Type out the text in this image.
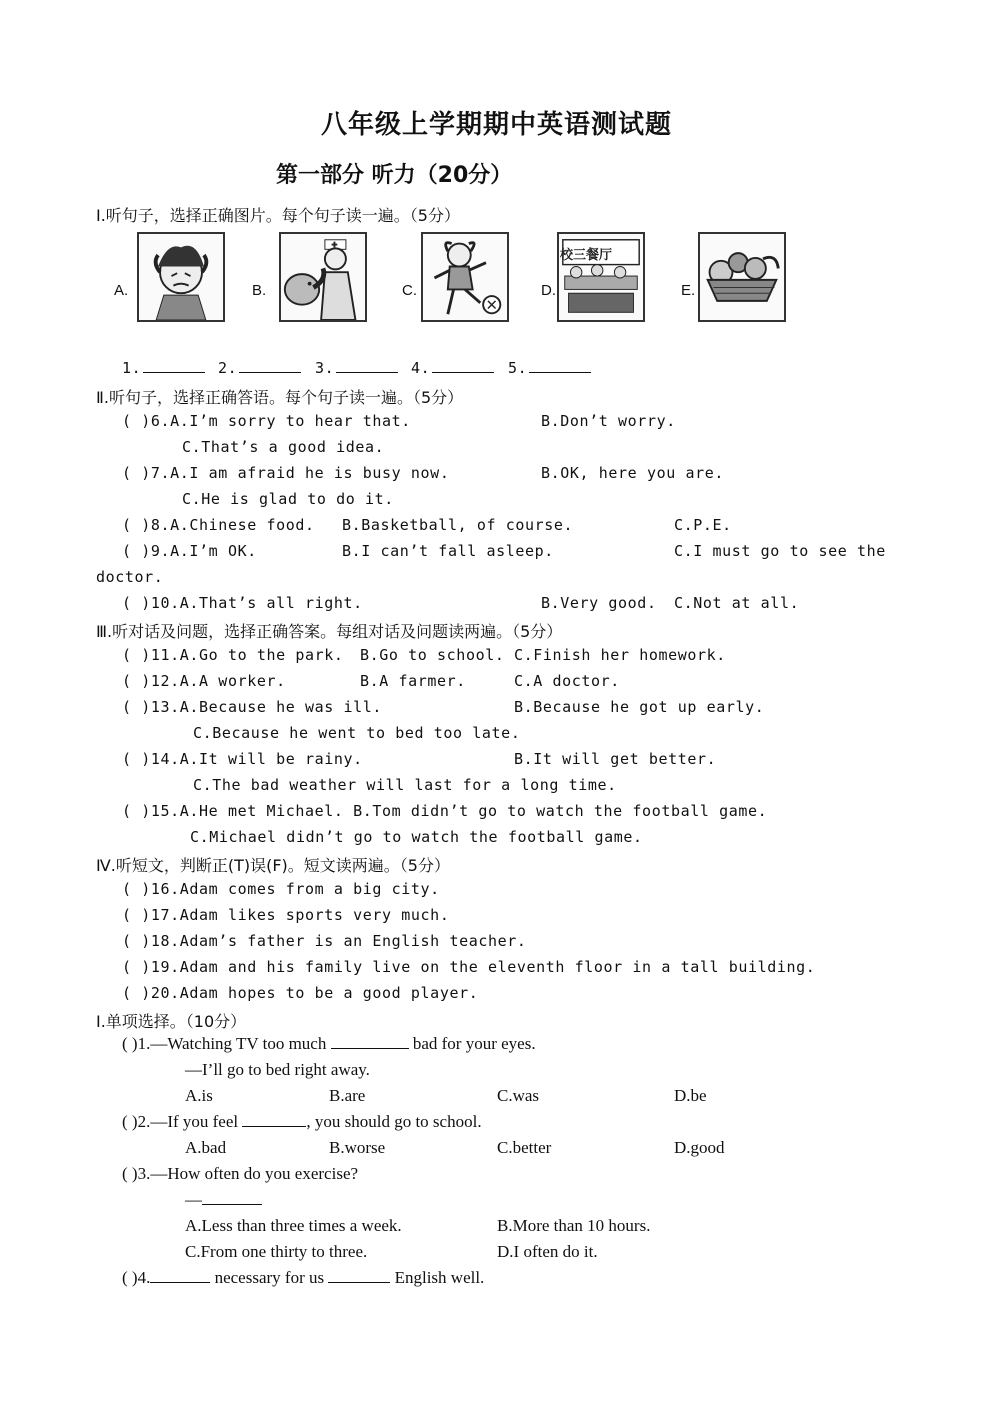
八年级上学期期中英语测试题
第一部分 听力（20分）
Ⅰ.听句子，选择正确图片。每个句子读一遍。（5分）
A.	B.	C.	D.
校三餐厅
E.
1.	2.	3.	4.	5.
Ⅱ.听句子，选择正确答语。每个句子读一遍。（5分）
Ⅲ.听对话及问题，选择正确答案。每组对话及问题读两遍。（5分）
Ⅳ.听短文，判断正(T)误(F)。短文读两遍。（5分）
( )6.A.I’m sorry to hear that.	B.Don’t worry.
C.That’s a good idea.
( )7.A.I am afraid he is busy now.	B.OK, here you are.
C.He is glad to do it.
( )8.A.Chinese food. B.Basketball, of course.	C.P.E.
( )9.A.I’m OK.	B.I can’t fall asleep.	C.I must go to see the
doctor.
( )10.A.That’s all right.	B.Very good. C.Not at all.
( )11.A.Go to the park. B.Go to school. C.Finish her homework.
( )12.A.A worker.	B.A farmer.	C.A doctor.
( )13.A.Because he was ill.	B.Because he got up early.
C.Because he went to bed too late.
( )14.A.It will be rainy.	B.It will get better.
C.The bad weather will last for a long time.
( )15.A.He met Michael. B.Tom didn’t go to watch the football game.
C.Michael didn’t go to watch the football game.
( )16.Adam comes from a big city.
( )17.Adam likes sports very much.
( )18.Adam’s father is an English teacher.
( )19.Adam and his family live on the eleventh floor in a tall building.
( )20.Adam hopes to be a good player.
Ⅰ.单项选择。（10分）
( )1.—Watching TV too much	bad for your eyes.
—I’ll go to bed right away.
A.is	B.are	C.was	D.be
( )2.—If you feel	, you should go to school.
A.bad	B.worse	C.better	D.good
( )3.—How often do you exercise?
—
A.Less than three times a week.	B.More than 10 hours.
C.From one thirty to three.	D.I often do it.
( )4.	necessary for us	English well.
